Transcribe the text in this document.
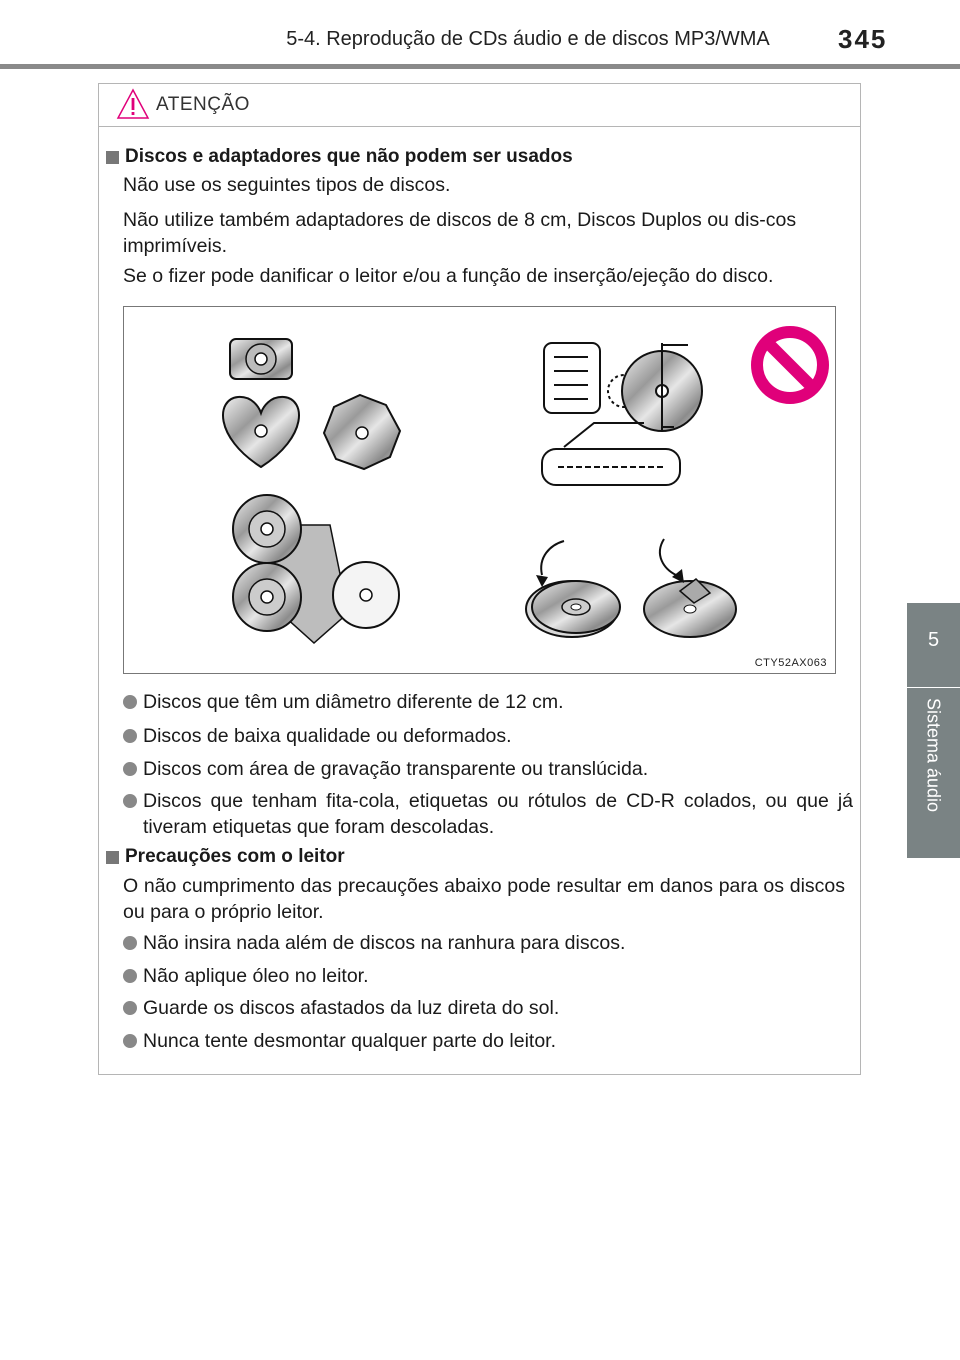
5-4. Reprodução de CDs áudio e de discos MP3/WMA	345
5
Sistema áudio
ATENÇÃO
Discos e adaptadores que não podem ser usados
Não use os seguintes tipos de discos.
Não utilize também adaptadores de discos de 8 cm, Discos Duplos ou dis-cos imprimíveis.
Se o fizer pode danificar o leitor e/ou a função de inserção/ejeção do disco.
CTY52AX063
Discos que têm um diâmetro diferente de 12 cm.
Discos de baixa qualidade ou deformados.
Discos com área de gravação transparente ou translúcida.
Discos que tenham fita-cola, etiquetas ou rótulos de CD-R colados, ou que já tiveram etiquetas que foram descoladas.
Precauções com o leitor
O não cumprimento das precauções abaixo pode resultar em danos para os discos ou para o próprio leitor.
Não insira nada além de discos na ranhura para discos.
Não aplique óleo no leitor.
Guarde os discos afastados da luz direta do sol.
Nunca tente desmontar qualquer parte do leitor.
